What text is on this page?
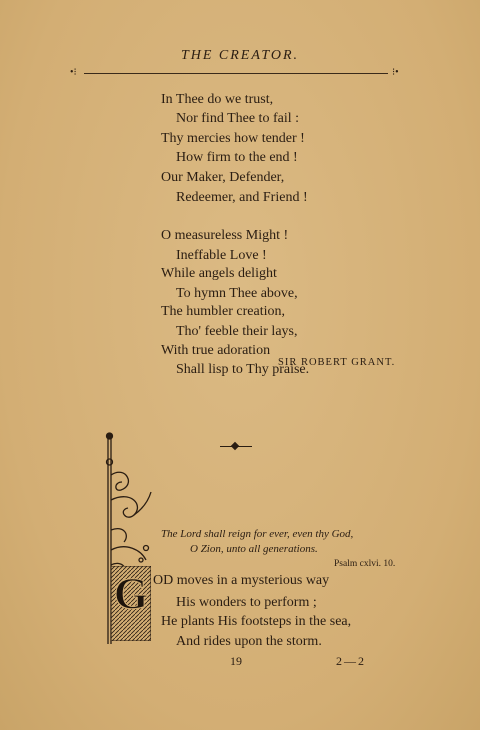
THE CREATOR.
•⁝	⁝•
In Thee do we trust,
Nor find Thee to fail :
Thy mercies how tender !
How firm to the end !
Our Maker, Defender,
Redeemer, and Friend !
O measureless Might !
Ineffable Love !
While angels delight
To hymn Thee above,
The humbler creation,
Tho' feeble their lays,
With true adoration
Shall lisp to Thy praise.
SIR ROBERT GRANT.
The Lord shall reign for ever, even thy God,
O Zion, unto all generations.
Psalm cxlvi. 10.
G OD moves in a mysterious way
His wonders to perform ;
He plants His footsteps in the sea,
And rides upon the storm.
19	2—2
